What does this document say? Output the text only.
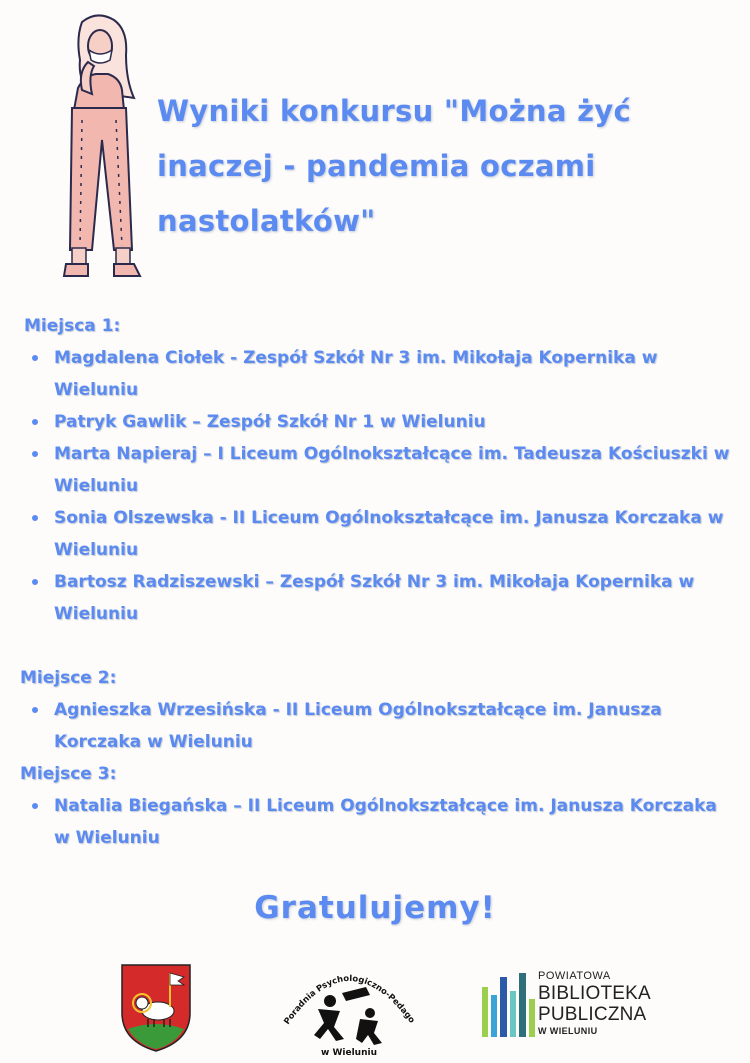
Wyniki konkursu "Można żyć inaczej - pandemia oczami nastolatków"

Miejsca 1:

Magdalena Ciołek - Zespół Szkół Nr 3 im. Mikołaja Kopernika w Wieluniu
Patryk Gawlik – Zespół Szkół Nr 1 w Wieluniu
Marta Napieraj – I Liceum Ogólnokształcące im. Tadeusza Kościuszki w Wieluniu
Sonia Olszewska - II Liceum Ogólnokształcące im. Janusza Korczaka w Wieluniu
Bartosz Radziszewski – Zespół Szkół Nr 3 im. Mikołaja Kopernika w Wieluniu

Miejsce 2:

Agnieszka Wrzesińska - II Liceum Ogólnokształcące im. Janusza Korczaka w Wieluniu

Miejsce 3:

Natalia Biegańska – II Liceum Ogólnokształcące im. Janusza Korczaka w Wieluniu
Gratulujemy!
Poradnia Psychologiczno-Pedago
w Wieluniu
POWIATOWA
BIBLIOTEKA
PUBLICZNA
W WIELUNIU
